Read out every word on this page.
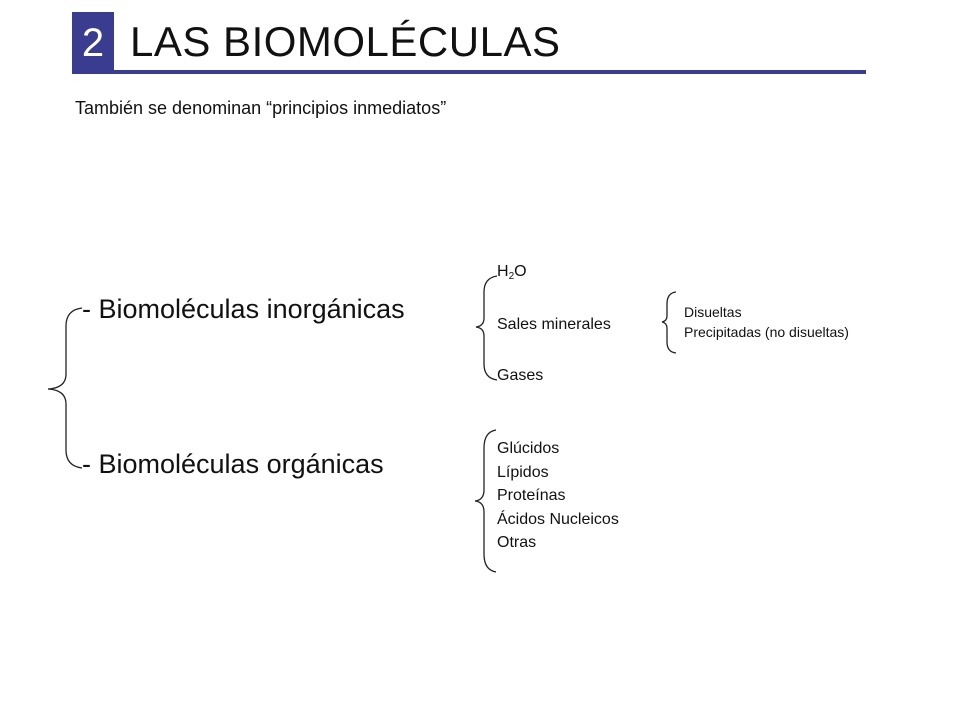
2 LAS BIOMOLÉCULAS
También se denominan “principios inmediatos”
- Biomoléculas inorgánicas
- Biomoléculas orgánicas
$H_2O$
Sales minerales
Gases
Disueltas
Precipitadas (no disueltas)
Glúcidos
Lípidos
Proteínas
Ácidos Nucleicos
Otras
